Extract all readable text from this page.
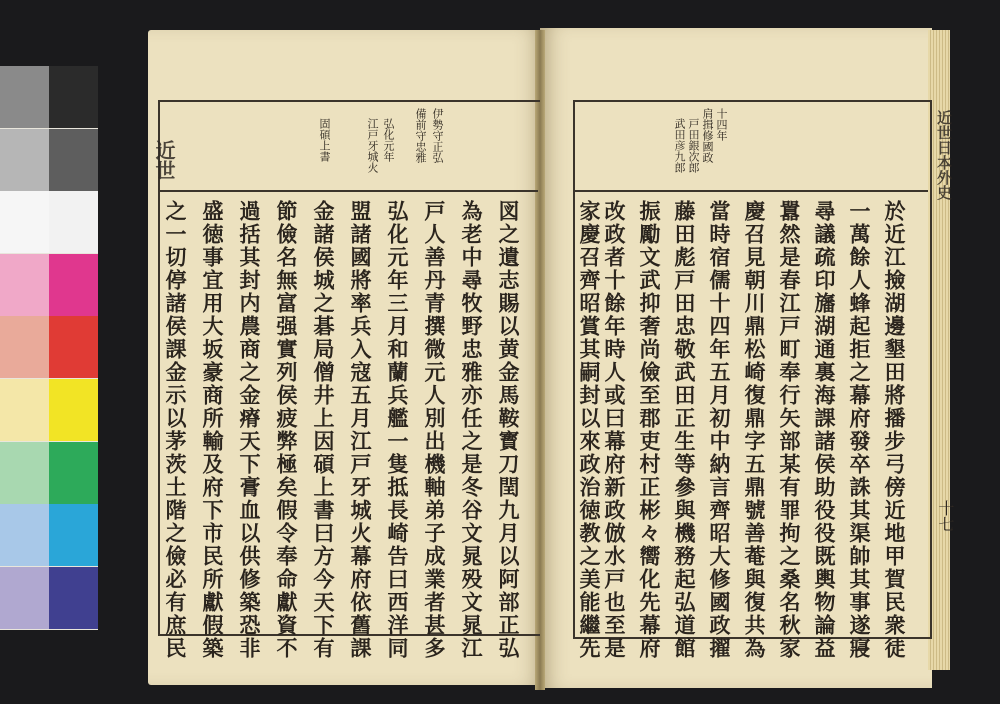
近世	伊勢守正弘
備前守忠雅
弘化元年
江戸牙城火
固碩上書
図之遺志賜以黄金馬鞍寳刀閏九月以阿部正弘
為老中尋牧野忠雅亦任之是冬谷文晁殁文晁江
戸人善丹青撰微元人別出機軸弟子成業者甚多
弘化元年三月和蘭兵艦一隻抵長崎告曰西洋同
盟諸國將率兵入寇五月江戸牙城火幕府依舊課
金諸侯城之碁局僧井上因碩上書曰方今天下有
節儉名無富强實列侯疲弊極矣假令奉命獻資不
過括其封内農商之金瘠天下膏血以供修築恐非
盛徳事宜用大坂豪商所輸及府下市民所獻假築
之一切停諸侯課金示以茅茨土階之儉必有庶民
十四年
肩揖修國政
戸田銀次郎
武田彦九郎
於近江撿湖邊墾田將播步弓傍近地甲賀民衆徒
一萬餘人蜂起拒之幕府發卒誅其渠帥其事遂寢
尋議疏印旛湖通裏海課諸侯助役役既輿物論益
囂然是春江戸町奉行矢部某有罪拘之桑名秋家
慶召見朝川鼎松崎復鼎字五鼎號善菴與復共為
當時宿儒十四年五月初中納言齊昭大修國政擢
藤田彪戸田忠敬武田正生等參與機務起弘道館
振勵文武抑奢尚儉至郡吏村正彬々嚮化先幕府
改政者十餘年時人或曰幕府新政倣水戸也至是
家慶召齊昭賞其嗣封以來政治徳教之美能繼先
近世日本外史
十七
